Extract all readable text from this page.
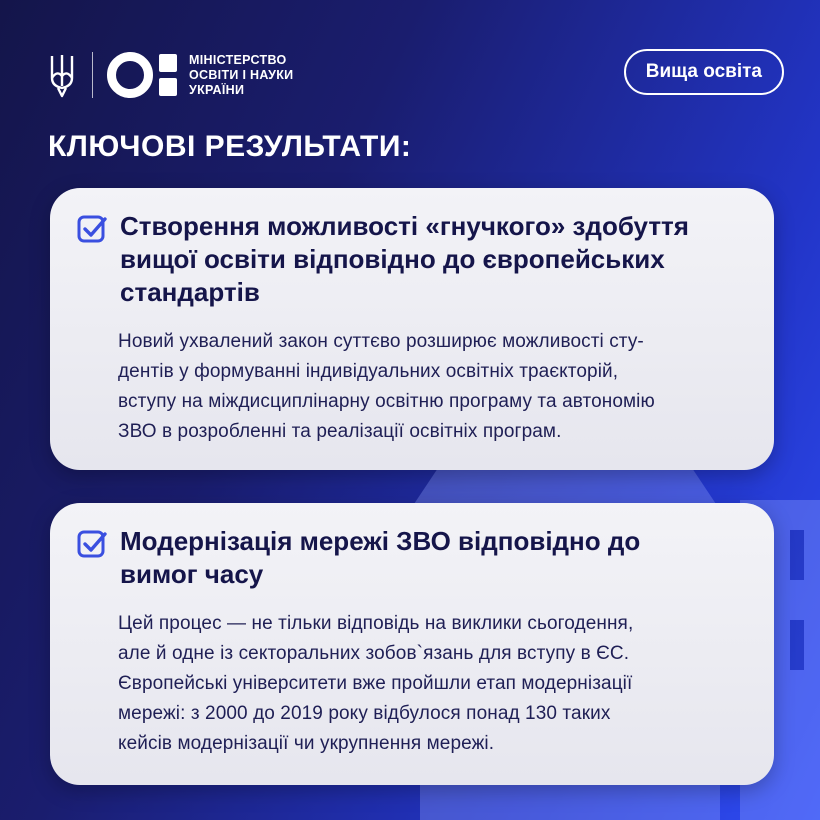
МІНІСТЕРСТВО
ОСВІТИ І НАУКИ
УКРАЇНИ
Вища освіта
КЛЮЧОВІ РЕЗУЛЬТАТИ:
Створення можливості «гнучкого» здобуття
вищої освіти відповідно до європейських
стандартів
Новий ухвалений закон суттєво розширює можливості сту-
дентів у формуванні індивідуальних освітніх траєкторій,
вступу на міждисциплінарну освітню програму та автономію
ЗВО в розробленні та реалізації освітніх програм.
Модернізація мережі ЗВО відповідно до
вимог часу
Цей процес — не тільки відповідь на виклики сьогодення,
але й одне із секторальних зобов`язань для вступу в ЄС.
Європейські університети вже пройшли етап модернізації
мережі: з 2000 до 2019 року відбулося понад 130 таких
кейсів модернізації чи укрупнення мережі.
